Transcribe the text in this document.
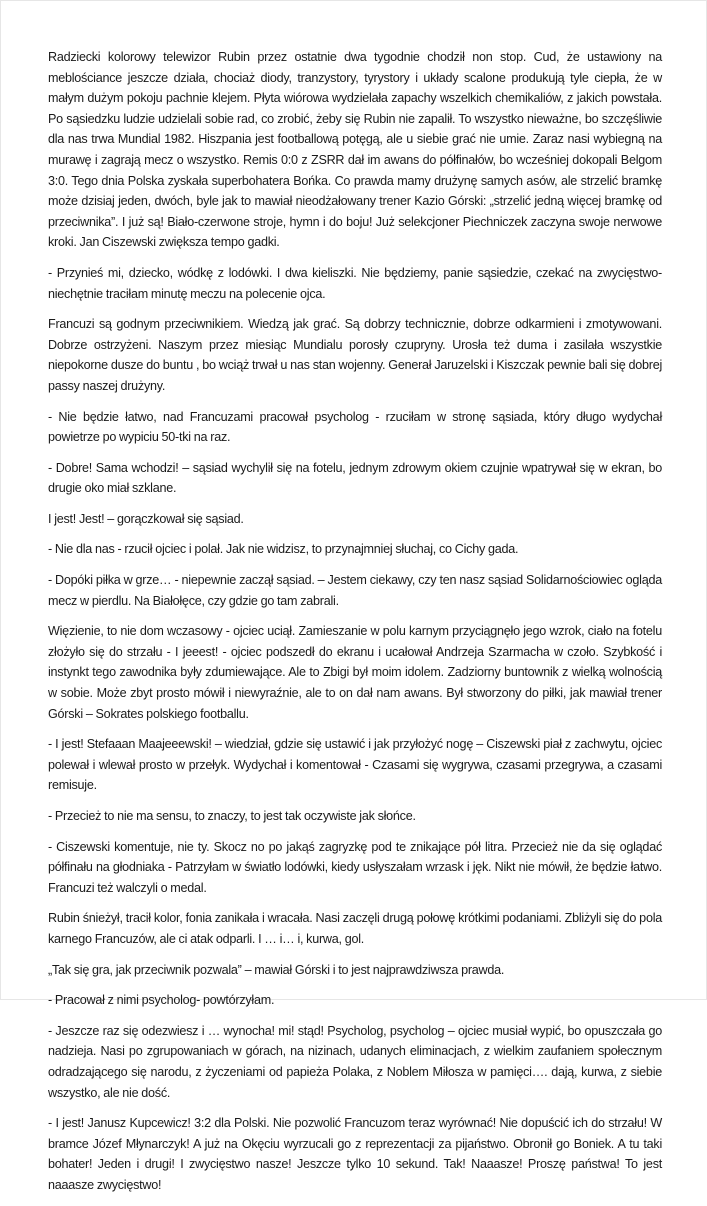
Radziecki kolorowy telewizor Rubin przez ostatnie dwa tygodnie chodził non stop. Cud, że ustawiony na meblościance jeszcze działa, chociaż diody, tranzystory, tyrystory i układy scalone produkują tyle ciepła, że w małym dużym pokoju pachnie klejem. Płyta wiórowa wydzielała zapachy wszelkich chemikaliów, z jakich powstała. Po sąsiedzku ludzie udzielali sobie rad, co zrobić, żeby się Rubin nie zapalił. To wszystko nieważne, bo szczęśliwie dla nas trwa Mundial 1982. Hiszpania jest footballową potęgą, ale u siebie grać nie umie. Zaraz nasi wybiegną na murawę i zagrają mecz o wszystko. Remis 0:0 z ZSRR dał im awans do półfinałów, bo wcześniej dokopali Belgom 3:0. Tego dnia Polska zyskała superbohatera Bońka. Co prawda mamy drużynę samych asów, ale strzelić bramkę może dzisiaj jeden, dwóch, byle jak to mawiał nieodżałowany trener Kazio Górski: „strzelić jedną więcej bramkę od przeciwnika”. I już są! Biało-czerwone stroje, hymn i do boju! Już selekcjoner Piechniczek zaczyna swoje nerwowe kroki. Jan Ciszewski zwiększa tempo gadki.

- Przynieś mi, dziecko, wódkę z lodówki. I dwa kieliszki. Nie będziemy, panie sąsiedzie, czekać na zwycięstwo- niechętnie traciłam minutę meczu na polecenie ojca.

Francuzi są godnym przeciwnikiem. Wiedzą jak grać. Są dobrzy technicznie, dobrze odkarmieni i zmotywowani. Dobrze ostrzyżeni. Naszym przez miesiąc Mundialu porosły czupryny. Urosła też duma i zasilała wszystkie niepokorne dusze do buntu , bo wciąż trwał u nas stan wojenny. Generał Jaruzelski i Kiszczak pewnie bali się dobrej passy naszej drużyny.

- Nie będzie łatwo, nad Francuzami pracował psycholog - rzuciłam w stronę sąsiada, który długo wydychał powietrze po wypiciu 50-tki na raz.

- Dobre! Sama wchodzi! – sąsiad wychylił się na fotelu, jednym zdrowym okiem czujnie wpatrywał się w ekran, bo drugie oko miał szklane.

I jest! Jest! – gorączkował się sąsiad.

- Nie dla nas - rzucił ojciec i polał. Jak nie widzisz, to przynajmniej słuchaj, co Cichy gada.

- Dopóki piłka w grze… - niepewnie zaczął sąsiad. – Jestem ciekawy, czy ten nasz sąsiad Solidarnościowiec ogląda mecz w pierdlu. Na Białołęce, czy gdzie go tam zabrali.

Więzienie, to nie dom wczasowy - ojciec uciął. Zamieszanie w polu karnym przyciągnęło jego wzrok, ciało na fotelu złożyło się do strzału - I jeeest! - ojciec podszedł do ekranu i ucałował Andrzeja Szarmacha w czoło. Szybkość i instynkt tego zawodnika były zdumiewające. Ale to Zbigi był moim idolem. Zadziorny buntownik z wielką wolnością w sobie. Może zbyt prosto mówił i niewyraźnie, ale to on dał nam awans. Był stworzony do piłki, jak mawiał trener Górski – Sokrates polskiego footballu.

- I jest! Stefaaan Maajeeewski! – wiedział, gdzie się ustawić i jak przyłożyć nogę – Ciszewski piał z zachwytu, ojciec polewał i wlewał prosto w przełyk. Wydychał i komentował - Czasami się wygrywa, czasami przegrywa, a czasami remisuje.

- Przecież to nie ma sensu, to znaczy, to jest tak oczywiste jak słońce.

- Ciszewski komentuje, nie ty. Skocz no po jakąś zagryzkę pod te znikające pół litra. Przecież nie da się oglądać półfinału na głodniaka - Patrzyłam w światło lodówki, kiedy usłyszałam wrzask i jęk. Nikt nie mówił, że będzie łatwo. Francuzi też walczyli o medal.

Rubin śnieżył, tracił kolor, fonia zanikała i wracała. Nasi zaczęli drugą połowę krótkimi podaniami. Zbliżyli się do pola karnego Francuzów, ale ci atak odparli. I … i… i, kurwa, gol.

„Tak się gra, jak przeciwnik pozwala” – mawiał Górski i to jest najprawdziwsza prawda.

- Pracował z nimi psycholog- powtórzyłam.

- Jeszcze raz się odezwiesz i … wynocha! mi! stąd! Psycholog, psycholog – ojciec musiał wypić, bo opuszczała go nadzieja. Nasi po zgrupowaniach w górach, na nizinach, udanych eliminacjach, z wielkim zaufaniem społecznym odradzającego się narodu, z życzeniami od papieża Polaka, z Noblem Miłosza w pamięci…. dają, kurwa, z siebie wszystko, ale nie dość.

- I jest! Janusz Kupcewicz! 3:2 dla Polski. Nie pozwolić Francuzom teraz wyrównać! Nie dopuścić ich do strzału! W bramce Józef Młynarczyk! A już na Okęciu wyrzucali go z reprezentacji za pijaństwo. Obronił go Boniek. A tu taki bohater! Jeden i drugi! I zwycięstwo nasze! Jeszcze tylko 10 sekund. Tak! Naaasze! Proszę państwa! To jest naaasze zwycięstwo!
